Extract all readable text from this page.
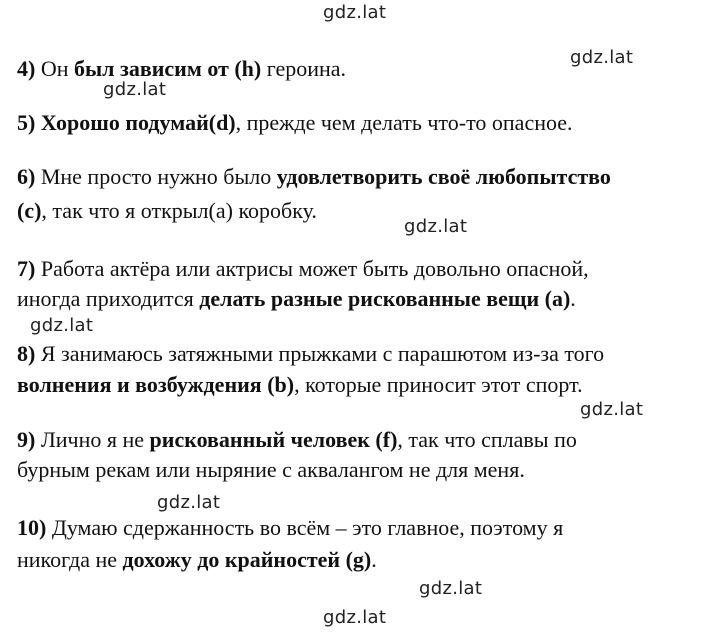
4) Он был зависим от (h) героина.
5) Хорошо подумай(d), прежде чем делать что-то опасное.
6) Мне просто нужно было удовлетворить своё любопытство
(c), так что я открыл(а) коробку.
7) Работа актёра или актрисы может быть довольно опасной,
иногда приходится делать разные рискованные вещи (a).
8) Я занимаюсь затяжными прыжками с парашютом из-за того
волнения и возбуждения (b), которые приносит этот спорт.
9) Лично я не рискованный человек (f), так что сплавы по
бурным рекам или ныряние с аквалангом не для меня.
10) Думаю сдержанность во всём – это главное, поэтому я
никогда не дохожу до крайностей (g).
gdz.lat
gdz.lat
gdz.lat
gdz.lat
gdz.lat
gdz.lat
gdz.lat
gdz.lat
gdz.lat
